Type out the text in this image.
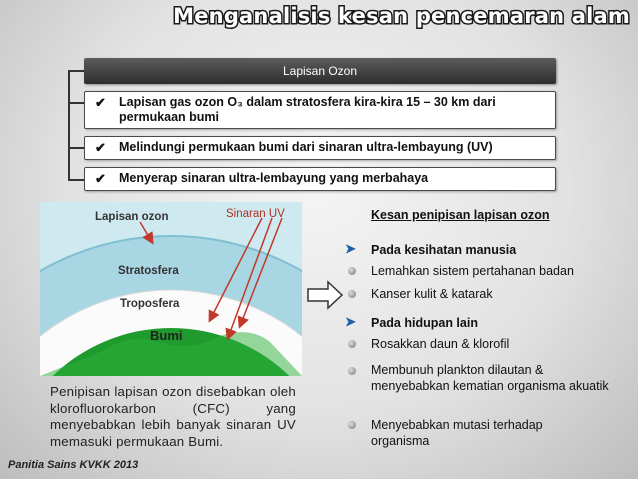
Menganalisis kesan pencemaran alam
Lapisan Ozon
✔ Lapisan gas ozon O₃ dalam stratosfera kira-kira 15 – 30 km dari permukaan bumi
✔ Melindungi permukaan bumi dari sinaran ultra-lembayung (UV)
✔ Menyerap sinaran ultra-lembayung yang merbahaya
Lapisan ozon	Sinaran UV
Stratosfera
Troposfera
Bumi
Penipisan lapisan ozon disebabkan oleh klorofluorokarbon (CFC) yang menyebabkan lebih banyak sinaran UV memasuki permukaan Bumi.
Panitia Sains KVKK 2013
Kesan penipisan lapisan ozon
➤ Pada kesihatan manusia
Lemahkan sistem pertahanan badan
Kanser kulit & katarak
➤ Pada hidupan lain
Rosakkan daun & klorofil
Membunuh plankton dilautan & menyebabkan kematian organisma akuatik
Menyebabkan mutasi terhadap organisma
